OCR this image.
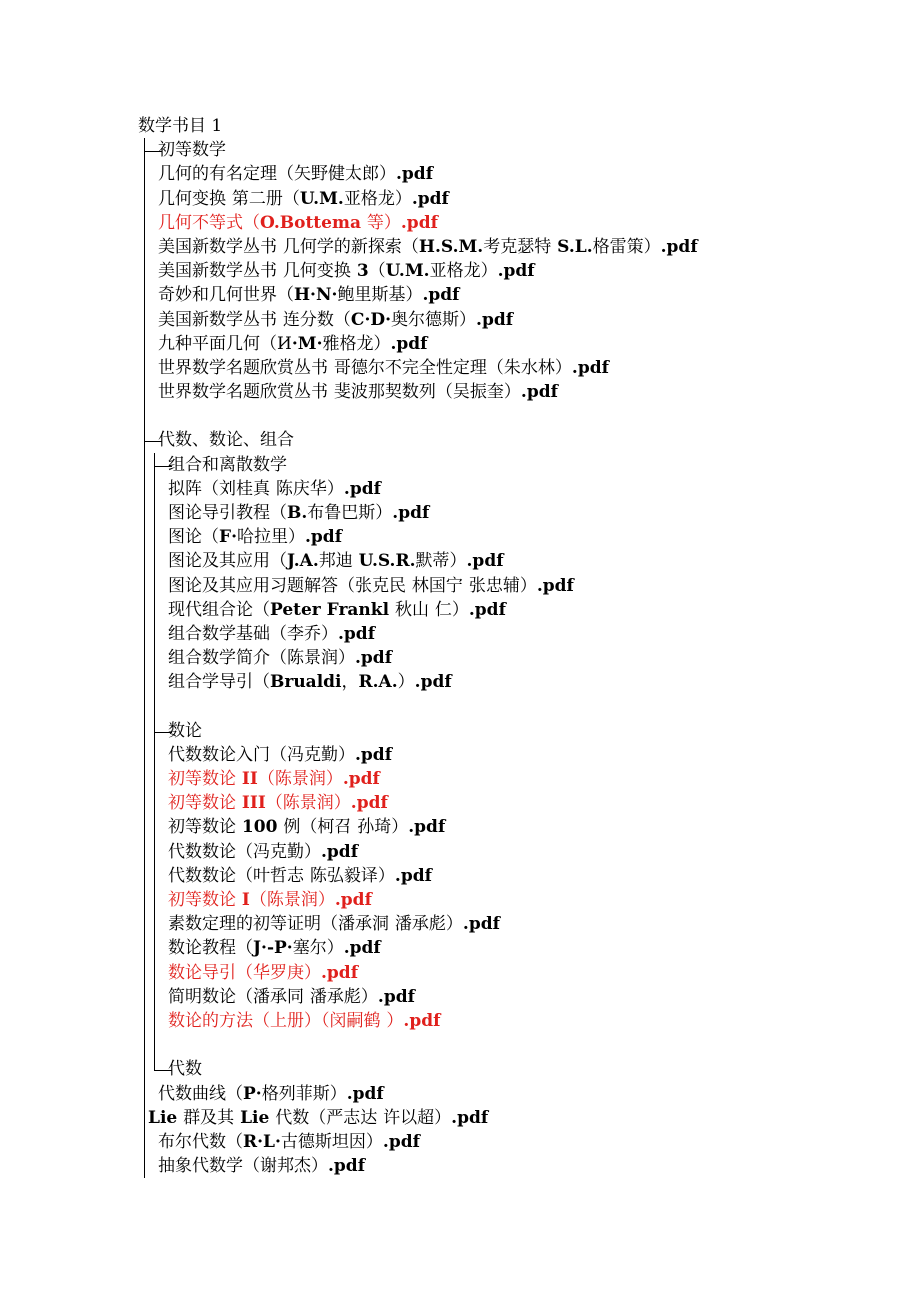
数学书目 1
初等数学
几何的有名定理（矢野健太郎）.pdf
几何变换 第二册（U.M.亚格龙）.pdf
几何不等式（O.Bottema 等）.pdf
美国新数学丛书 几何学的新探索（H.S.M.考克瑟特 S.L.格雷策）.pdf
美国新数学丛书 几何变换 3（U.M.亚格龙）.pdf
奇妙和几何世界（H·N·鲍里斯基）.pdf
美国新数学丛书 连分数（C·D·奥尔德斯）.pdf
九种平面几何（И·M·雅格龙）.pdf
世界数学名题欣赏丛书 哥德尔不完全性定理（朱水林）.pdf
世界数学名题欣赏丛书 斐波那契数列（吴振奎）.pdf
代数、数论、组合
组合和离散数学
拟阵（刘桂真 陈庆华）.pdf
图论导引教程（B.布鲁巴斯）.pdf
图论（F·哈拉里）.pdf
图论及其应用（J.A.邦迪 U.S.R.默蒂）.pdf
图论及其应用习题解答（张克民 林国宁 张忠辅）.pdf
现代组合论（Peter Frankl 秋山 仁）.pdf
组合数学基础（李乔）.pdf
组合数学简介（陈景润）.pdf
组合学导引（Brualdi，R.A.）.pdf
数论
代数数论入门（冯克勤）.pdf
初等数论 II（陈景润）.pdf
初等数论 III（陈景润）.pdf
初等数论 100 例（柯召 孙琦）.pdf
代数数论（冯克勤）.pdf
代数数论（叶哲志 陈弘毅译）.pdf
初等数论 I（陈景润）.pdf
素数定理的初等证明（潘承洞 潘承彪）.pdf
数论教程（J·-P·塞尔）.pdf
数论导引（华罗庚）.pdf
简明数论（潘承同 潘承彪）.pdf
数论的方法（上册）（闵嗣鹤 ）.pdf
代数
代数曲线（P·格列菲斯）.pdf
Lie 群及其 Lie 代数（严志达 许以超）.pdf
布尔代数（R·L·古德斯坦因）.pdf
抽象代数学（谢邦杰）.pdf
